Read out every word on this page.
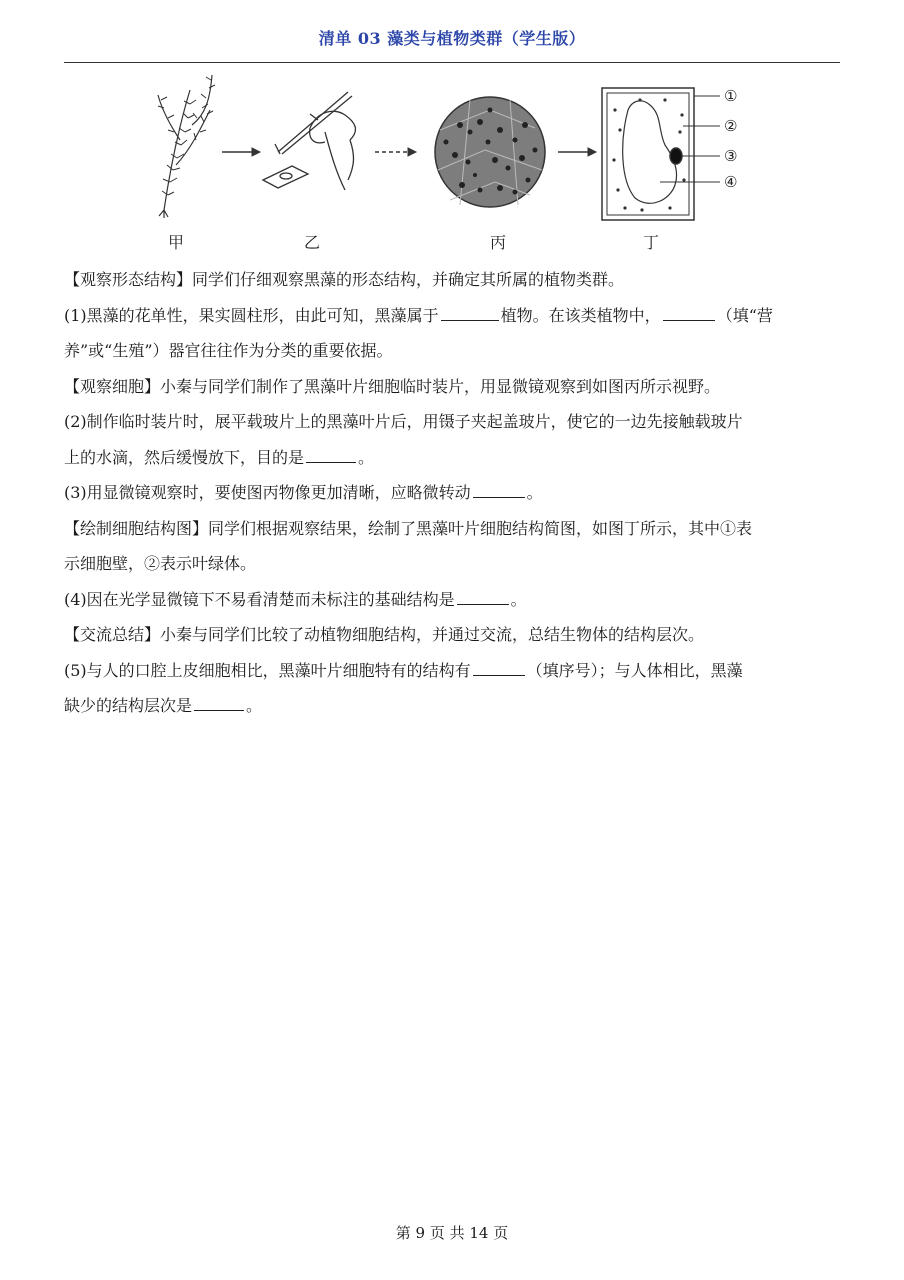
清单 03 藻类与植物类群（学生版）
①
②
③
④
甲	乙	丙	丁
【观察形态结构】同学们仔细观察黑藻的形态结构，并确定其所属的植物类群。
(1)黑藻的花单性，果实圆柱形，由此可知，黑藻属于	植物。在该类植物中，	（填“营
养”或“生殖”）器官往往作为分类的重要依据。
【观察细胞】小秦与同学们制作了黑藻叶片细胞临时装片，用显微镜观察到如图丙所示视野。
(2)制作临时装片时，展平载玻片上的黑藻叶片后，用镊子夹起盖玻片，使它的一边先接触载玻片
上的水滴，然后缓慢放下，目的是	。
(3)用显微镜观察时，要使图丙物像更加清晰，应略微转动	。
【绘制细胞结构图】同学们根据观察结果，绘制了黑藻叶片细胞结构简图，如图丁所示，其中①表
示细胞壁，②表示叶绿体。
(4)因在光学显微镜下不易看清楚而未标注的基础结构是	。
【交流总结】小秦与同学们比较了动植物细胞结构，并通过交流，总结生物体的结构层次。
(5)与人的口腔上皮细胞相比，黑藻叶片细胞特有的结构有	（填序号）；与人体相比，黑藻
缺少的结构层次是	。
第 9 页 共 14 页
